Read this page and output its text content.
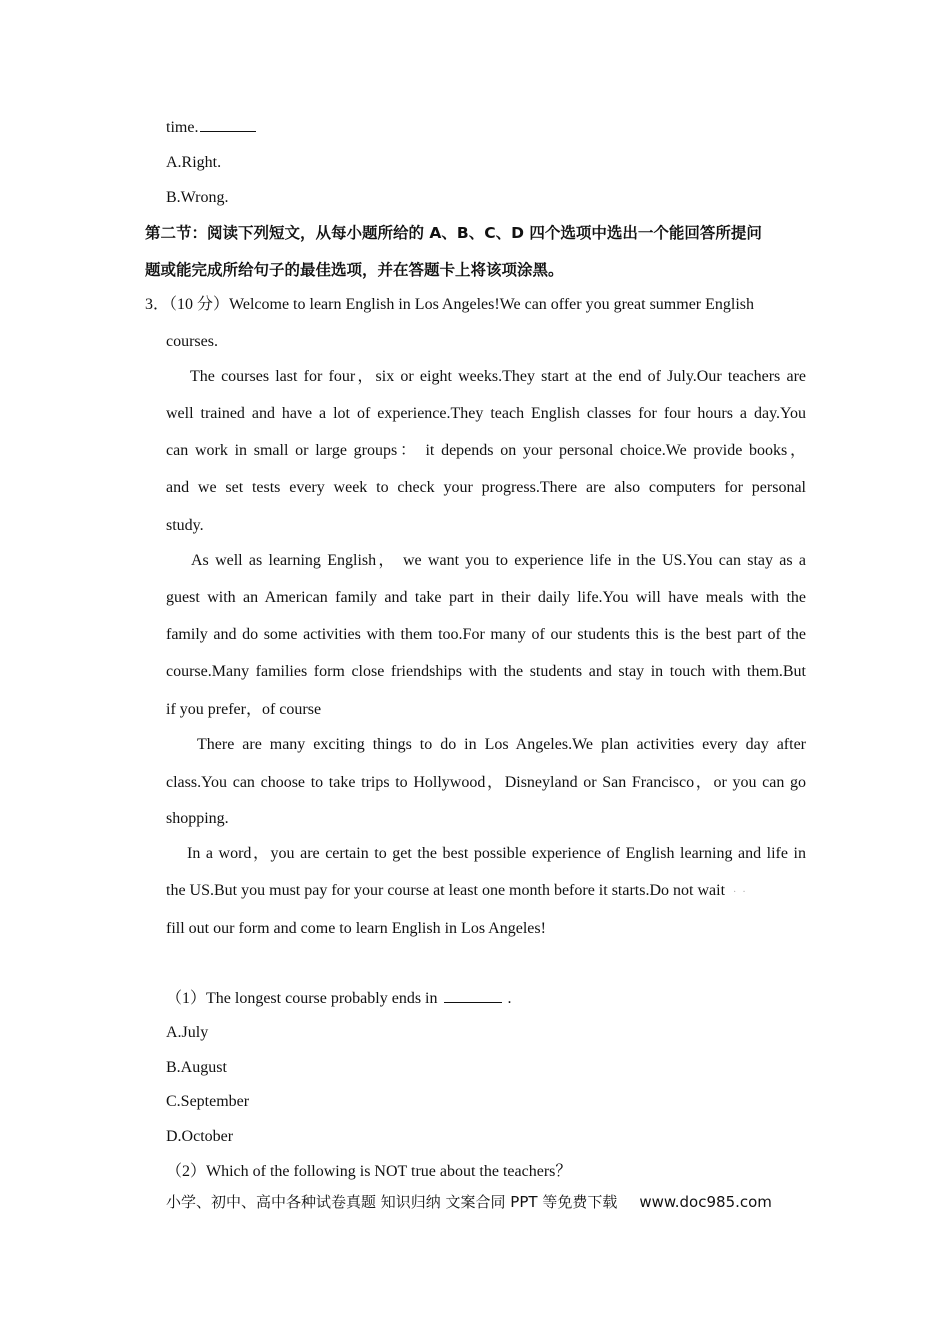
time.
A.Right.
B.Wrong.
第二节：阅读下列短文，从每小题所给的 A、B、C、D 四个选项中选出一个能回答所提问
题或能完成所给句子的最佳选项，并在答题卡上将该项涂黑。
3．（10 分）Welcome to learn English in Los Angeles!We can offer you great summer English
courses.
The courses last for four，six or eight weeks.They start at the end of July.Our teachers are
well trained and have a lot of experience.They teach English classes for four hours a day.You
can work in small or large groups： it depends on your personal choice.We provide books，
and we set tests every week to check your progress.There are also computers for personal
study.
As well as learning English， we want you to experience life in the US.You can stay as a
guest with an American family and take part in their daily life.You will have meals with the
family and do some activities with them too.For many of our students this is the best part of the
course.Many families form close friendships with the students and stay in touch with them.But
if you prefer，of course
There are many exciting things to do in Los Angeles.We plan activities every day after
class.You can choose to take trips to Hollywood，Disneyland or San Francisco，or you can go
shopping.
In a word，you are certain to get the best possible experience of English learning and life in
the US.But you must pay for your course at least one month before it starts.Do not wait ··
fill out our form and come to learn English in Los Angeles!
（1）The longest course probably ends in	.
A.July
B.August
C.September
D.October
（2）Which of the following is NOT true about the teachers？
小学、初中、高中各种试卷真题 知识归纳 文案合同 PPT 等免费下载 www.doc985.com
